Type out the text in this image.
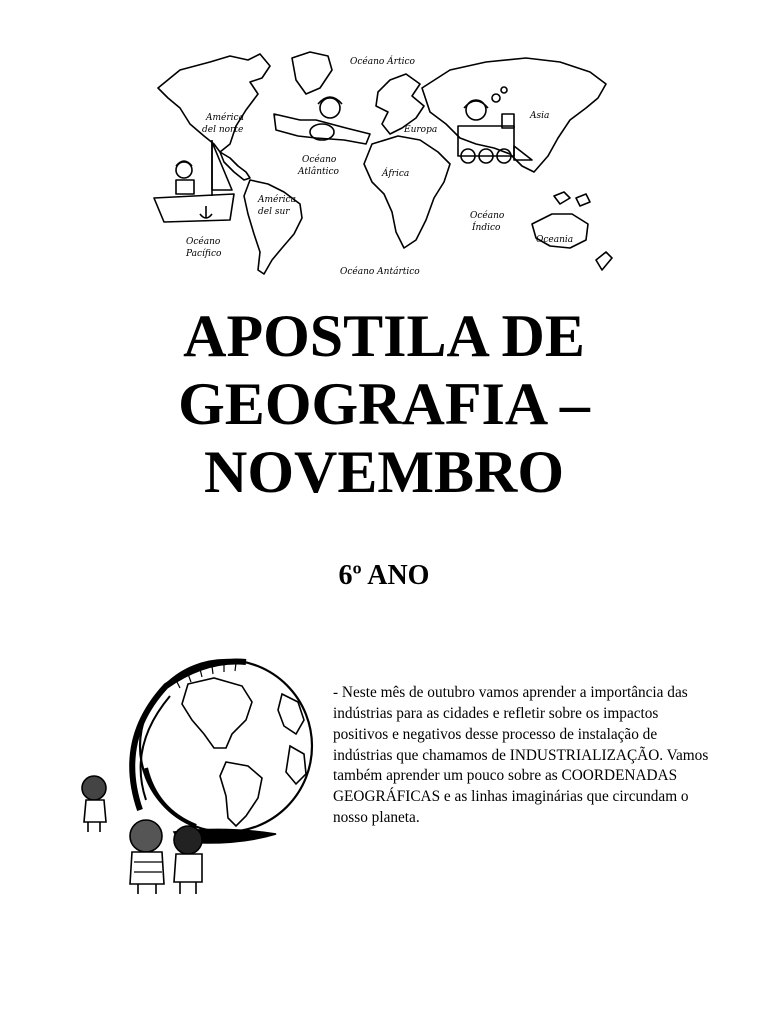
Océano Ártico
América
del norte
Océano
Atlântico
Europa
Asia
África
América
del sur
Océano
Pacífico
Océano
Índico
Oceania
Océano Antártico
APOSTILA DE
GEOGRAFIA –
NOVEMBRO
6º ANO

- Neste mês de outubro vamos aprender a importância das indústrias para as cidades e refletir sobre os impactos positivos e negativos desse processo de instalação de indústrias que chamamos de INDUSTRIALIZAÇÃO. Vamos também aprender um pouco sobre as COORDENADAS GEOGRÁFICAS e as linhas imaginárias que circundam o nosso planeta.
